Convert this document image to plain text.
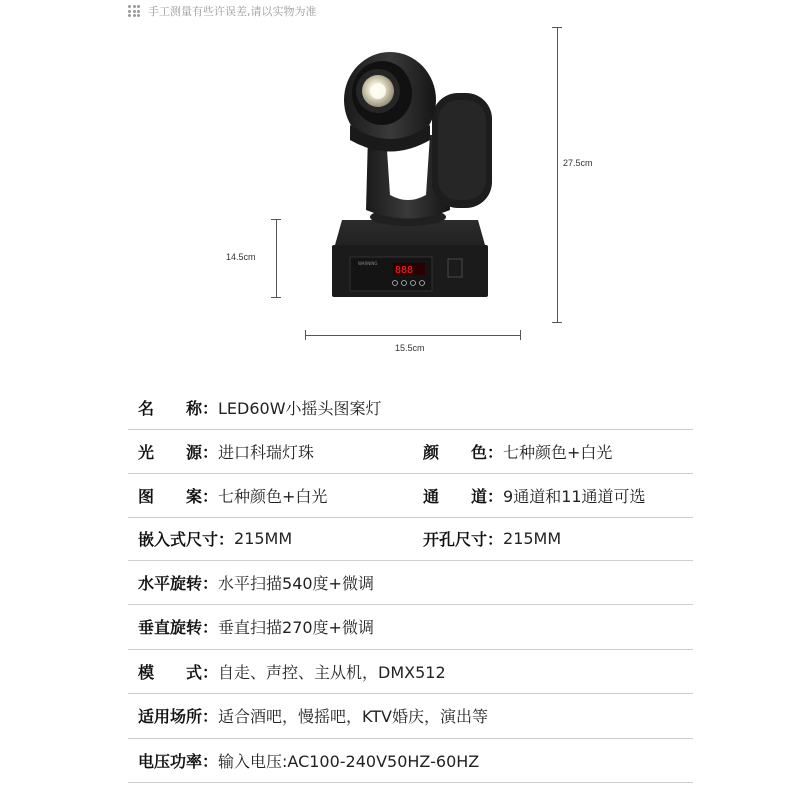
手工测量有些许误差,请以实物为准
27.5cm
14.5cm
15.5cm
WARNING
888
名　　称： LED60W小摇头图案灯
光　　源： 进口科瑞灯珠	颜　　色： 七种颜色+白光
图　　案： 七种颜色+白光	通　　道： 9通道和11通道可选
嵌入式尺寸： 215MM	开孔尺寸： 215MM
水平旋转： 水平扫描540度+微调
垂直旋转： 垂直扫描270度+微调
模　　式： 自走、声控、主从机，DMX512
适用场所： 适合酒吧，慢摇吧，KTV婚庆，演出等
电压功率： 输入电压:AC100-240V50HZ-60HZ
